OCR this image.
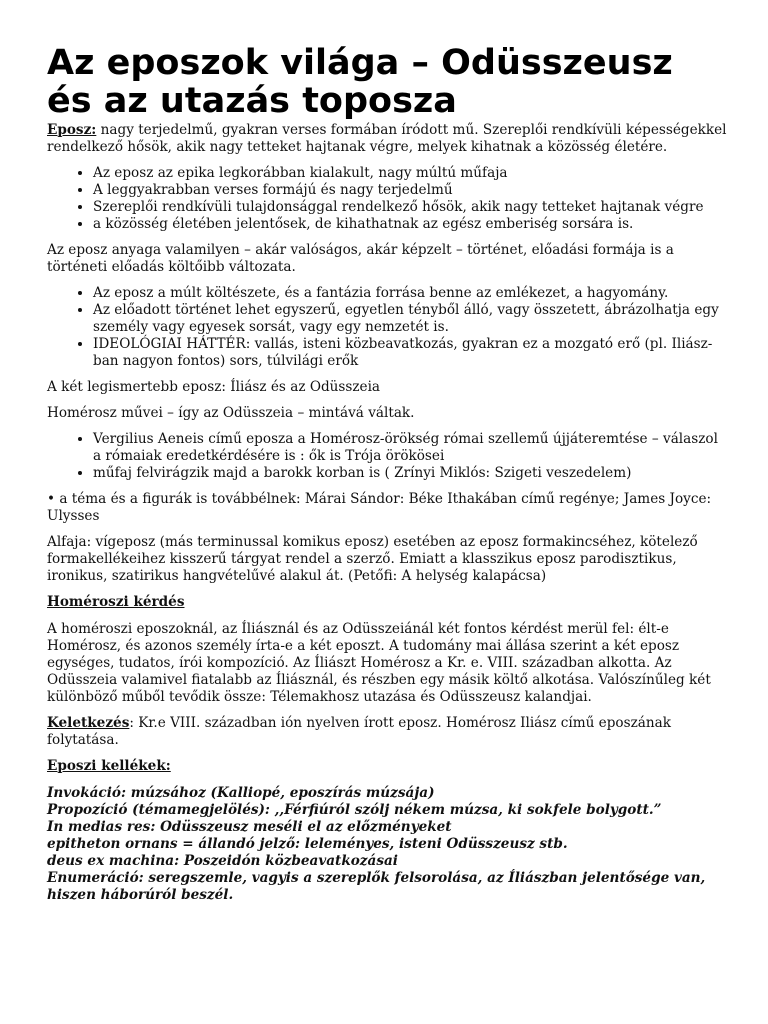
Az eposzok világa – Odüsszeusz és az utazás toposza

Eposz: nagy terjedelmű, gyakran verses formában íródott mű. Szereplői rendkívüli képességekkel rendelkező hősök, akik nagy tetteket hajtanak végre, melyek kihatnak a közösség életére.

• Az eposz az epika legkorábban kialakult, nagy múltú műfaja
• A leggyakrabban verses formájú és nagy terjedelmű
• Szereplői rendkívüli tulajdonsággal rendelkező hősök, akik nagy tetteket hajtanak végre
• a közösség életében jelentősek, de kihathatnak az egész emberiség sorsára is.

Az eposz anyaga valamilyen – akár valóságos, akár képzelt – történet, előadási formája is a történeti előadás költőibb változata.

• Az eposz a múlt költészete, és a fantázia forrása benne az emlékezet, a hagyomány.
• Az előadott történet lehet egyszerű, egyetlen tényből álló, vagy összetett, ábrázolhatja egy személy vagy egyesek sorsát, vagy egy nemzetét is.
• IDEOLÓGIAI HÁTTÉR: vallás, isteni közbeavatkozás, gyakran ez a mozgató erő (pl. Iliász-ban nagyon fontos) sors, túlvilági erők

A két legismertebb eposz: Íliász és az Odüsszeia

Homérosz művei – így az Odüsszeia – mintává váltak.

• Vergilius Aeneis című eposza a Homérosz-örökség római szellemű újjáteremtése – válaszol a rómaiak eredetkérdésére is : ők is Trója örökösei
• műfaj felvirágzik majd a barokk korban is ( Zrínyi Miklós: Szigeti veszedelem)

• a téma és a figurák is továbbélnek: Márai Sándor: Béke Ithakában című regénye; James Joyce: Ulysses

Alfaja: vígeposz (más terminussal komikus eposz) esetében az eposz formakincséhez, kötelező formakellékeihez kisszerű tárgyat rendel a szerző. Emiatt a klasszikus eposz parodisztikus, ironikus, szatirikus hangvételűvé alakul át. (Petőfi: A helység kalapácsa)

Homéroszi kérdés

A homéroszi eposzoknál, az Íliásznál és az Odüsszeiánál két fontos kérdést merül fel: élt-e Homérosz, és azonos személy írta-e a két eposzt. A tudomány mai állása szerint a két eposz egységes, tudatos, írói kompozíció. Az Íliászt Homérosz a Kr. e. VIII. században alkotta. Az Odüsszeia valamivel fiatalabb az Íliásznál, és részben egy másik költő alkotása. Valószínűleg két különböző műből tevődik össze: Télemakhosz utazása és Odüsszeusz kalandjai.

Keletkezés: Kr.e VIII. században ión nyelven írott eposz. Homérosz Iliász című eposzának folytatása.

Eposzi kellékek:

Invokáció: múzsához (Kalliopé, eposzírás múzsája)

Propozíció (témamegjelölés): ,,Férfiúról szólj nékem múzsa, ki sokfele bolygott.”

In medias res: Odüsszeusz meséli el az előzményeket

epitheton ornans = állandó jelző: leleményes, isteni Odüsszeusz stb.

deus ex machina: Poszeidón közbeavatkozásai

Enumeráció: seregszemle, vagyis a szereplők felsorolása, az Íliászban jelentősége van, hiszen háborúról beszél.
